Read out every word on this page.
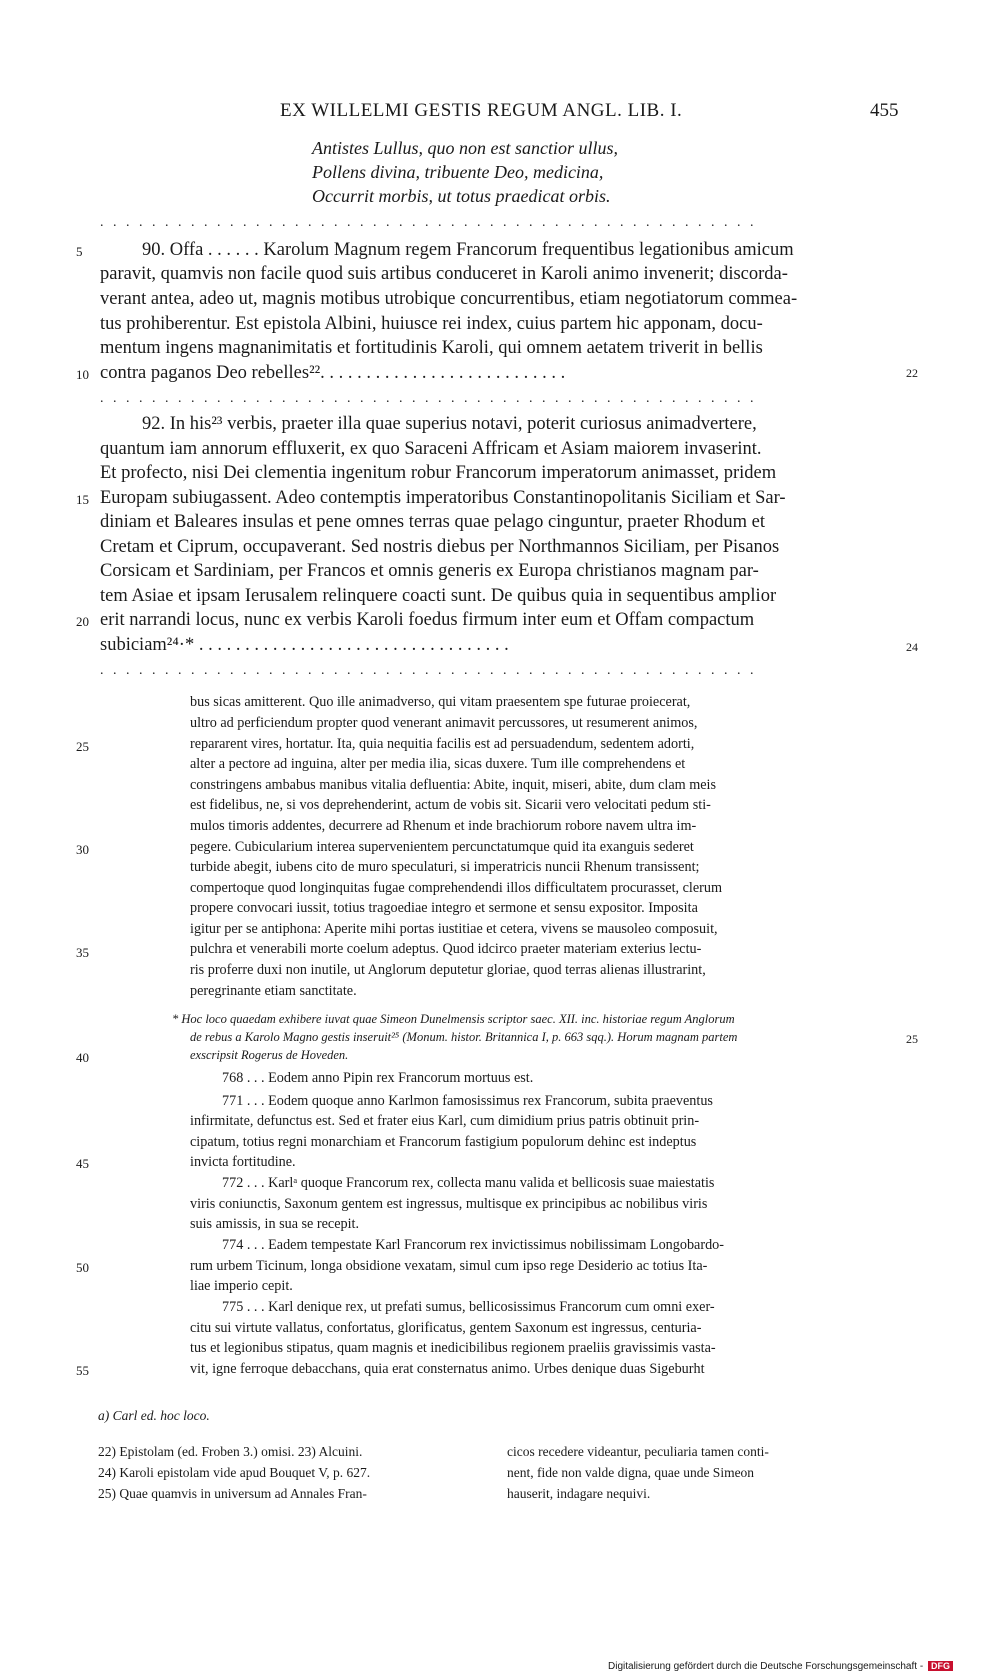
EX WILLELMI GESTIS REGUM ANGL. LIB. I.	455
Antistes Lullus, quo non est sanctior ullus,
Pollens divina, tribuente Deo, medicina,
Occurrit morbis, ut totus praedicat orbis.
. . . . . . . . . . . . . . . . . . . . . . . . . . . . . . . . . . . . . . . . . . . . . . . . . . .
90. Offa . . . . . . Karolum Magnum regem Francorum frequentibus legationibus amicum
paravit, quamvis non facile quod suis artibus conduceret in Karoli animo invenerit; discorda-
verant antea, adeo ut, magnis motibus utrobique concurrentibus, etiam negotiatorum commea-
tus prohiberentur. Est epistola Albini, huiusce rei index, cuius partem hic apponam, docu-
mentum ingens magnanimitatis et fortitudinis Karoli, qui omnem aetatem triverit in bellis
contra paganos Deo rebelles²². . . . . . . . . . . . . . . . . . . . . . . . . . .	22
. . . . . . . . . . . . . . . . . . . . . . . . . . . . . . . . . . . . . . . . . . . . . . . . . . .
92. In his²³ verbis, praeter illa quae superius notavi, poterit curiosus animadvertere,
quantum iam annorum effluxerit, ex quo Saraceni Affricam et Asiam maiorem invaserint.
Et profecto, nisi Dei clementia ingenitum robur Francorum imperatorum animasset, pridem
Europam subiugassent. Adeo contemptis imperatoribus Constantinopolitanis Siciliam et Sar-
diniam et Baleares insulas et pene omnes terras quae pelago cinguntur, praeter Rhodum et
Cretam et Ciprum, occupaverant. Sed nostris diebus per Northmannos Siciliam, per Pisanos
Corsicam et Sardiniam, per Francos et omnis generis ex Europa christianos magnam par-
tem Asiae et ipsam Ierusalem relinquere coacti sunt. De quibus quia in sequentibus amplior
erit narrandi locus, nunc ex verbis Karoli foedus firmum inter eum et Offam compactum
subiciam²⁴·* . . . . . . . . . . . . . . . . . . . . . . . . . . . . . . . . . .	24
. . . . . . . . . . . . . . . . . . . . . . . . . . . . . . . . . . . . . . . . . . . . . . . . . . .
bus sicas amitterent. Quo ille animadverso, qui vitam praesentem spe futurae proiecerat,
ultro ad perficiendum propter quod venerant animavit percussores, ut resumerent animos,
repararent vires, hortatur. Ita, quia nequitia facilis est ad persuadendum, sedentem adorti,
alter a pectore ad inguina, alter per media ilia, sicas duxere. Tum ille comprehendens et
constringens ambabus manibus vitalia defluentia: Abite, inquit, miseri, abite, dum clam meis
est fidelibus, ne, si vos deprehenderint, actum de vobis sit. Sicarii vero velocitati pedum sti-
mulos timoris addentes, decurrere ad Rhenum et inde brachiorum robore navem ultra im-
pegere. Cubicularium interea supervenientem percunctatumque quid ita exanguis sederet
turbide abegit, iubens cito de muro speculaturi, si imperatricis nuncii Rhenum transissent;
compertoque quod longinquitas fugae comprehendendi illos difficultatem procurasset, clerum
propere convocari iussit, totius tragoediae integro et sermone et sensu expositor. Imposita
igitur per se antiphona: Aperite mihi portas iustitiae et cetera, vivens se mausoleo composuit,
pulchra et venerabili morte coelum adeptus. Quod idcirco praeter materiam exterius lectu-
ris proferre duxi non inutile, ut Anglorum deputetur gloriae, quod terras alienas illustrarint,
peregrinante etiam sanctitate.
* Hoc loco quaedam exhibere iuvat quae Simeon Dunelmensis scriptor saec. XII. inc. historiae regum Anglorum
de rebus a Karolo Magno gestis inseruit²⁵ (Monum. histor. Britannica I, p. 663 sqq.). Horum magnam partem
exscripsit Rogerus de Hoveden.
25
768 . . . Eodem anno Pipin rex Francorum mortuus est.
771 . . . Eodem quoque anno Karlmon famosissimus rex Francorum, subita praeventus
infirmitate, defunctus est. Sed et frater eius Karl, cum dimidium prius patris obtinuit prin-
cipatum, totius regni monarchiam et Francorum fastigium populorum dehinc est indeptus
invicta fortitudine.
772 . . . Karlᵃ quoque Francorum rex, collecta manu valida et bellicosis suae maiestatis
viris coniunctis, Saxonum gentem est ingressus, multisque ex principibus ac nobilibus viris
suis amissis, in sua se recepit.
774 . . . Eadem tempestate Karl Francorum rex invictissimus nobilissimam Longobardo-
rum urbem Ticinum, longa obsidione vexatam, simul cum ipso rege Desiderio ac totius Ita-
liae imperio cepit.
775 . . . Karl denique rex, ut prefati sumus, bellicosissimus Francorum cum omni exer-
citu sui virtute vallatus, confortatus, glorificatus, gentem Saxonum est ingressus, centuria-
tus et legionibus stipatus, quam magnis et inedicibilibus regionem praeliis gravissimis vasta-
vit, igne ferroque debacchans, quia erat consternatus animo. Urbes denique duas Sigeburht
5
10
15
20
25
30
35
40
45
50
55
a) Carl ed. hoc loco.
22) Epistolam (ed. Froben 3.) omisi. 23) Alcuini.
24) Karoli epistolam vide apud Bouquet V, p. 627.
25) Quae quamvis in universum ad Annales Fran-
cicos recedere videantur, peculiaria tamen conti-
nent, fide non valde digna, quae unde Simeon
hauserit, indagare nequivi.
Digitalisierung gefördert durch die Deutsche Forschungsgemeinschaft - DFG
